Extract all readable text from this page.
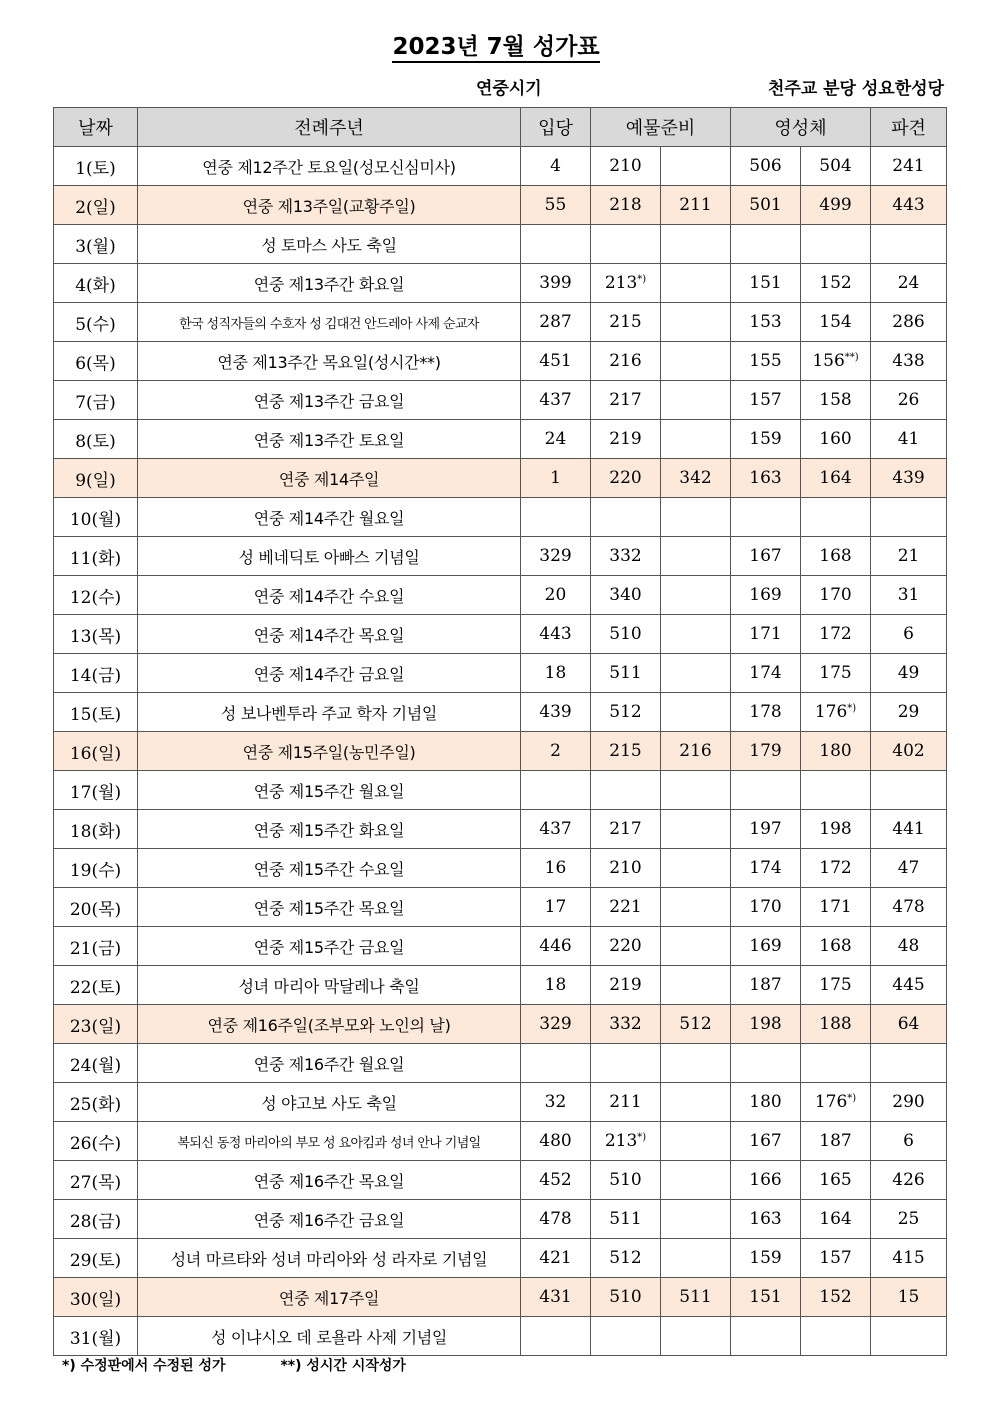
2023년 7월 성가표
연중시기	천주교 분당 성요한성당
날짜	전례주년	입당	예물준비		영성체		파견
1(토)	연중 제12주간 토요일(성모신심미사)	4	210		506	504	241
2(일)	연중 제13주일(교황주일)	55	218	211	501	499	443
3(월)	성 토마스 사도 축일						
4(화)	연중 제13주간 화요일	399	213*)		151	152	24
5(수)	한국 성직자들의 수호자 성 김대건 안드레아 사제 순교자	287	215		153	154	286
6(목)	연중 제13주간 목요일(성시간**)	451	216		155	156**)	438
7(금)	연중 제13주간 금요일	437	217		157	158	26
8(토)	연중 제13주간 토요일	24	219		159	160	41
9(일)	연중 제14주일	1	220	342	163	164	439
10(월)	연중 제14주간 월요일						
11(화)	성 베네딕토 아빠스 기념일	329	332		167	168	21
12(수)	연중 제14주간 수요일	20	340		169	170	31
13(목)	연중 제14주간 목요일	443	510		171	172	6
14(금)	연중 제14주간 금요일	18	511		174	175	49
15(토)	성 보나벤투라 주교 학자 기념일	439	512		178	176*)	29
16(일)	연중 제15주일(농민주일)	2	215	216	179	180	402
17(월)	연중 제15주간 월요일						
18(화)	연중 제15주간 화요일	437	217		197	198	441
19(수)	연중 제15주간 수요일	16	210		174	172	47
20(목)	연중 제15주간 목요일	17	221		170	171	478
21(금)	연중 제15주간 금요일	446	220		169	168	48
22(토)	성녀 마리아 막달레나 축일	18	219		187	175	445
23(일)	연중 제16주일(조부모와 노인의 날)	329	332	512	198	188	64
24(월)	연중 제16주간 월요일						
25(화)	성 야고보 사도 축일	32	211		180	176*)	290
26(수)	복되신 동정 마리아의 부모 성 요아킴과 성녀 안나 기념일	480	213*)		167	187	6
27(목)	연중 제16주간 목요일	452	510		166	165	426
28(금)	연중 제16주간 금요일	478	511		163	164	25
29(토)	성녀 마르타와 성녀 마리아와 성 라자로 기념일	421	512		159	157	415
30(일)	연중 제17주일	431	510	511	151	152	15
31(월)	성 이냐시오 데 로욜라 사제 기념일						
*) 수정판에서 수정된 성가	**) 성시간 시작성가
